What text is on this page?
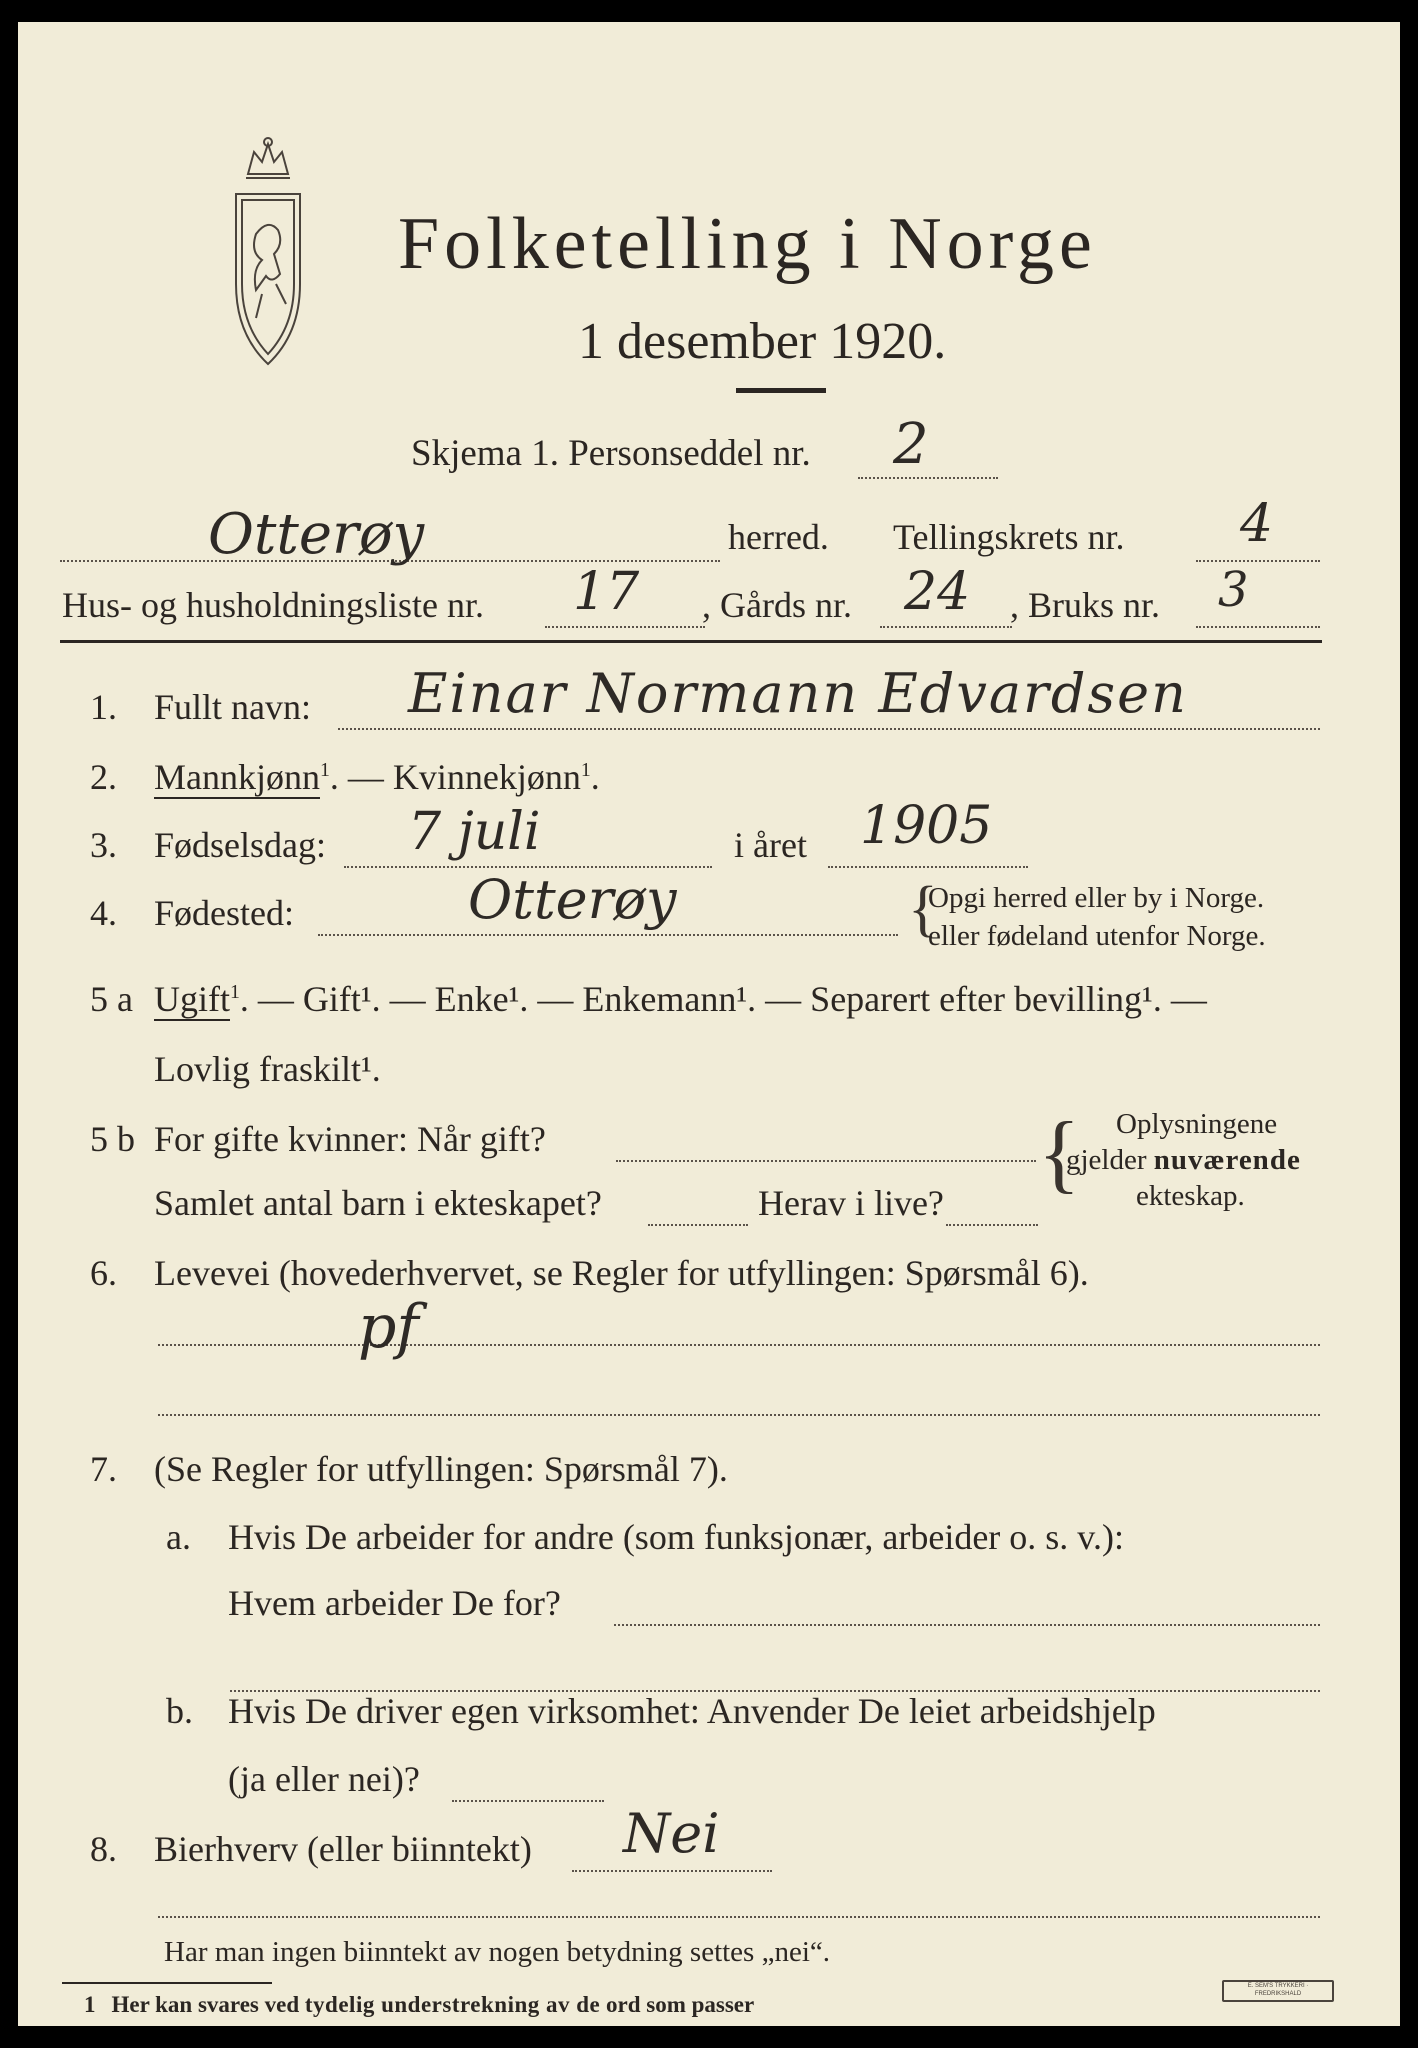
Folketelling i Norge
1 desember 1920.
Skjema 1. Personseddel nr. 2
Otterøy	herred. Tellingskrets nr. 4
Hus- og husholdningsliste nr. 17 , Gårds nr. 24 , Bruks nr. 3
1. Fullt navn: Einar Normann Edvardsen
2. Mannkjønn$^1$. — Kvinnekjønn$^1$.
3. Fødselsdag: 7 juli	i året 1905
4. Fødested:	Otterøy	{
Opgi herred eller by i Norge.
eller fødeland utenfor Norge.
5 a Ugift$^1$. — Gift¹. — Enke¹. — Enkemann¹. — Separert efter bevilling¹. —
Lovlig fraskilt¹.
5 b For gifte kvinner: Når gift?
Samlet antal barn i ekteskapet?	Herav i live?
{ Oplysningene
gjelder nuværende
ekteskap.
6. Levevei (hovederhvervet, se Regler for utfyllingen: Spørsmål 6).
pf
7. (Se Regler for utfyllingen: Spørsmål 7).
a. Hvis De arbeider for andre (som funksjonær, arbeider o. s. v.):
Hvem arbeider De for?
b. Hvis De driver egen virksomhet: Anvender De leiet arbeidshjelp
(ja eller nei)?
8. Bierhverv (eller biinntekt) Nei
Har man ingen biinntekt av nogen betydning settes „nei“.
1 Her kan svares ved tydelig understrekning av de ord som passer
E. SEM'S TRYKKERI · FREDRIKSHALD
